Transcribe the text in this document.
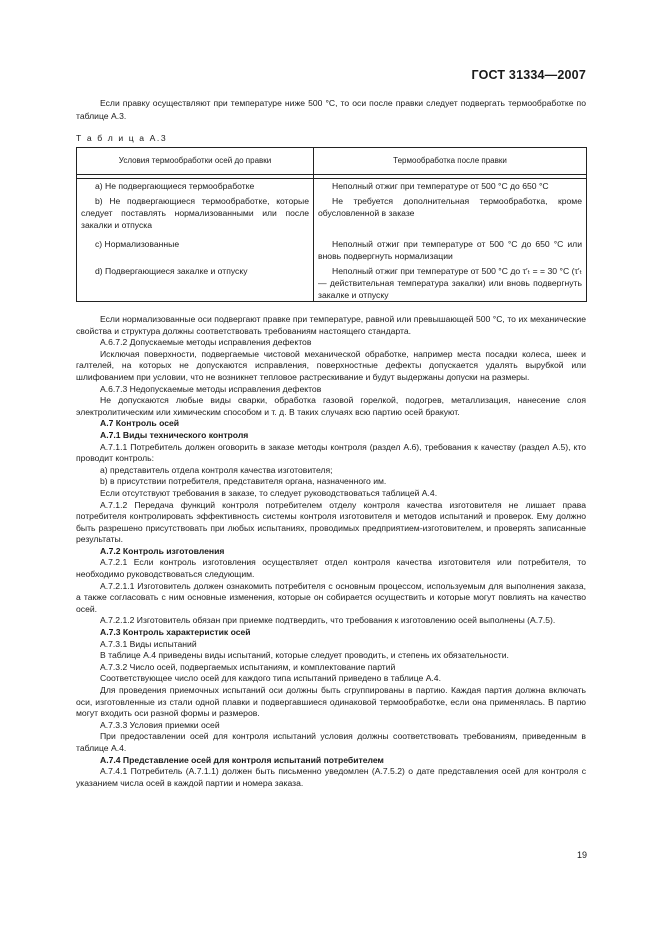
ГОСТ 31334—2007

Если правку осуществляют при температуре ниже 500 °С, то оси после правки следует подвергать термообработке по таблице А.3.

Т а б л и ц а А.3
Условия термообработки осей до правки	Термообработка после правки

а) Не подвергающиеся термообработке	Неполный отжиг при температуре от 500 °С до 650 °С

b) Не подвергающиеся термообработке, которые следует поставлять нормализованными или после закалки и отпуска	Не требуется дополнительная термообработка, кроме обусловленной в заказе

с) Нормализованные	Неполный отжиг при температуре от 500 °С до 650 °С или вновь подвергнуть нормализации

d) Подвергающиеся закалке и отпуску	Неполный отжиг при температуре от 500 °С до τ′ₜ = = 30 °С (τ′ₜ — действительная температура закалки) или вновь подвергнуть закалке и отпуску

Если нормализованные оси подвергают правке при температуре, равной или превышающей 500 °С, то их механические свойства и структура должны соответствовать требованиям настоящего стандарта.

А.6.7.2 Допускаемые методы исправления дефектов

Исключая поверхности, подвергаемые чистовой механической обработке, например места посадки колеса, шеек и галтелей, на которых не допускаются исправления, поверхностные дефекты допускается удалять вырубкой или шлифованием при условии, что не возникнет тепловое растрескивание и будут выдержаны допуски на размеры.

А.6.7.3 Недопускаемые методы исправления дефектов

Не допускаются любые виды сварки, обработка газовой горелкой, подогрев, металлизация, нанесение слоя электролитическим или химическим способом и т. д. В таких случаях всю партию осей бракуют.

А.7 Контроль осей

А.7.1 Виды технического контроля

А.7.1.1 Потребитель должен оговорить в заказе методы контроля (раздел А.6), требования к качеству (раздел А.5), кто проводит контроль:

а) представитель отдела контроля качества изготовителя;

b) в присутствии потребителя, представителя органа, назначенного им.

Если отсутствуют требования в заказе, то следует руководствоваться таблицей А.4.

А.7.1.2 Передача функций контроля потребителем отделу контроля качества изготовителя не лишает права потребителя контролировать эффективность системы контроля изготовителя и методов испытаний и проверок. Ему должно быть разрешено присутствовать при любых испытаниях, проводимых предприятием-изготовителем, и проверять записанные результаты.

А.7.2 Контроль изготовления

А.7.2.1 Если контроль изготовления осуществляет отдел контроля качества изготовителя или потребителя, то необходимо руководствоваться следующим.

А.7.2.1.1 Изготовитель должен ознакомить потребителя с основным процессом, используемым для выполнения заказа, а также согласовать с ним основные изменения, которые он собирается осуществить и которые могут повлиять на качество осей.

А.7.2.1.2 Изготовитель обязан при приемке подтвердить, что требования к изготовлению осей выполнены (А.7.5).

А.7.3 Контроль характеристик осей

А.7.3.1 Виды испытаний

В таблице А.4 приведены виды испытаний, которые следует проводить, и степень их обязательности.

А.7.3.2 Число осей, подвергаемых испытаниям, и комплектование партий

Соответствующее число осей для каждого типа испытаний приведено в таблице А.4.

Для проведения приемочных испытаний оси должны быть сгруппированы в партию. Каждая партия должна включать оси, изготовленные из стали одной плавки и подвергавшиеся одинаковой термообработке, если она применялась. В партию могут входить оси разной формы и размеров.

А.7.3.3 Условия приемки осей

При предоставлении осей для контроля испытаний условия должны соответствовать требованиям, приведенным в таблице А.4.

А.7.4 Представление осей для контроля испытаний потребителем

А.7.4.1 Потребитель (А.7.1.1) должен быть письменно уведомлен (А.7.5.2) о дате представления осей для контроля с указанием числа осей в каждой партии и номера заказа.

19
